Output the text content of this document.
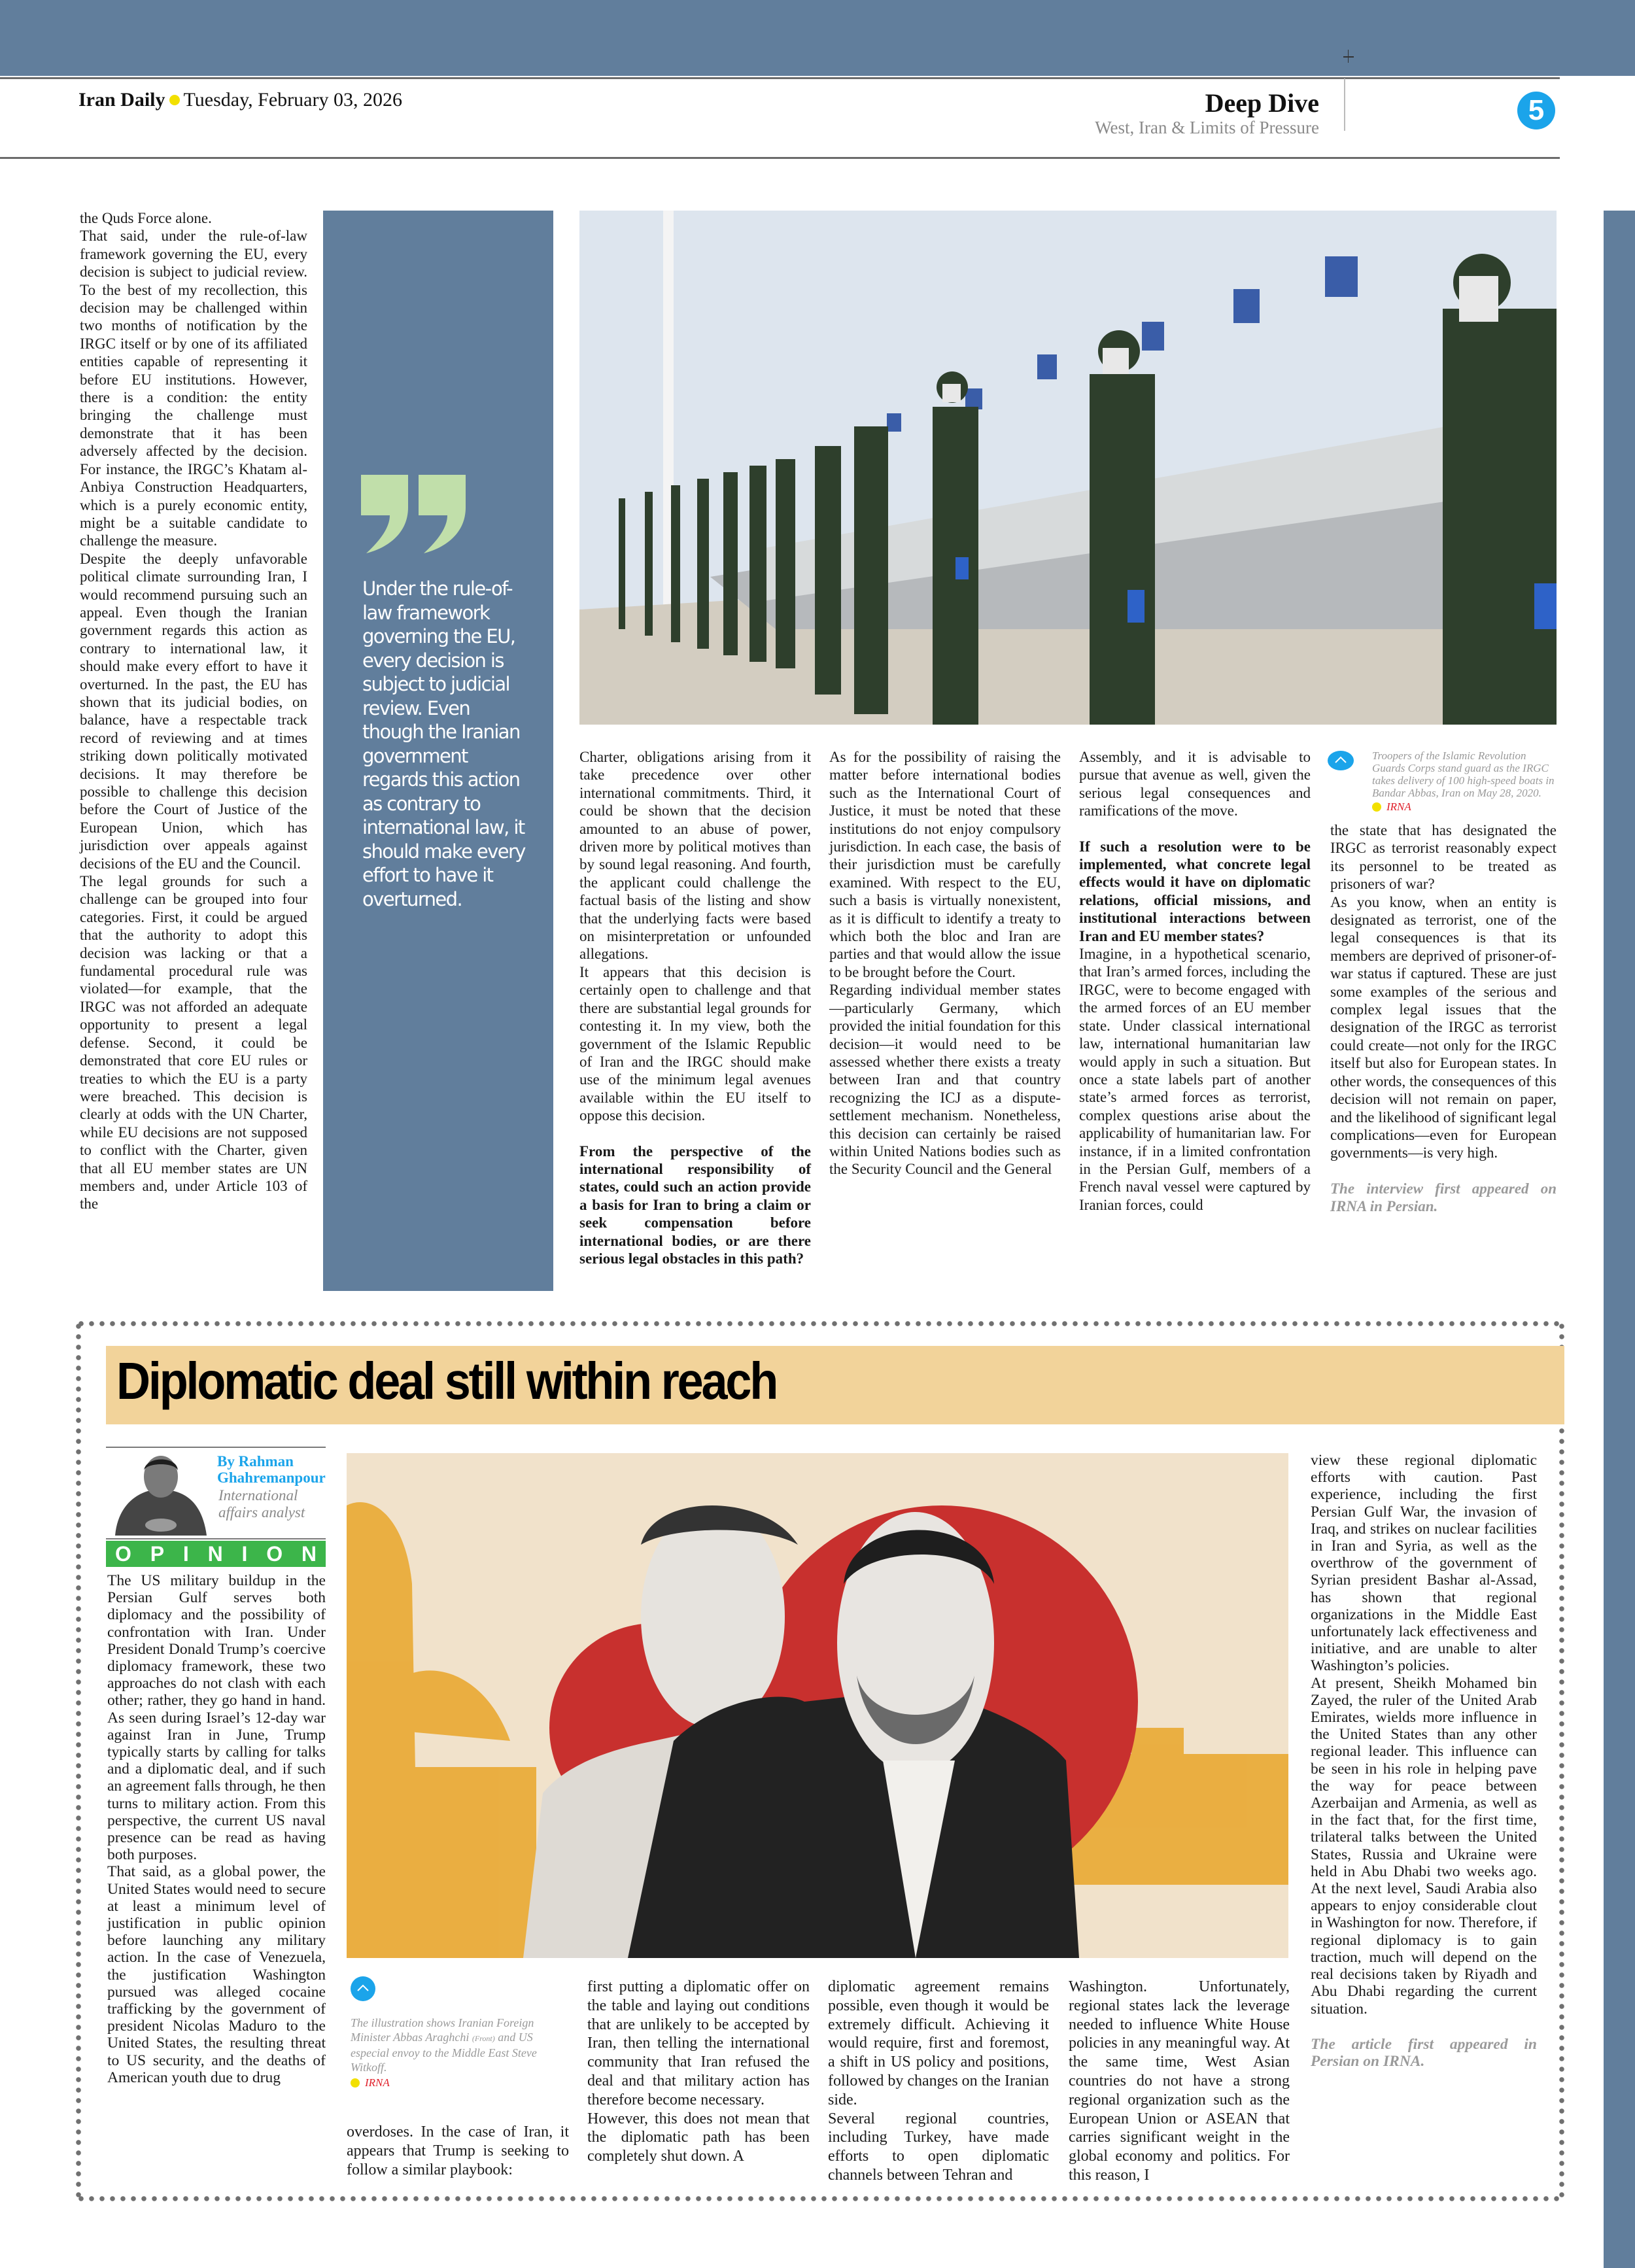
Iran Daily Tuesday, February 03, 2026	Deep Dive
West, Iran & Limits of Pressure
5

the Quds Force alone.

That said, under the rule-of-law framework governing the EU, every decision is subject to judicial review. To the best of my recollection, this decision may be challenged within two months of notification by the IRGC itself or by one of its affiliated entities capable of representing it before EU institutions. However, there is a condition: the entity bringing the challenge must demonstrate that it has been adversely affected by the decision. For instance, the IRGC’s Khatam al-Anbiya Construction Headquarters, which is a purely economic entity, might be a suitable candidate to challenge the measure.

Despite the deeply unfavorable political climate surrounding Iran, I would recommend pursuing such an appeal. Even though the Iranian government regards this action as contrary to international law, it should make every effort to have it overturned. In the past, the EU has shown that its judicial bodies, on balance, have a respectable track record of reviewing and at times striking down politically motivated decisions. It may therefore be possible to challenge this decision before the Court of Justice of the European Union, which has jurisdiction over appeals against decisions of the EU and the Council.

The legal grounds for such a challenge can be grouped into four categories. First, it could be argued that the authority to adopt this decision was lacking or that a fundamental procedural rule was violated—for example, that the IRGC was not afforded an adequate opportunity to present a legal defense. Second, it could be demonstrated that core EU rules or treaties to which the EU is a party were breached. This decision is clearly at odds with the UN Charter, while EU decisions are not supposed to conflict with the Charter, given that all EU member states are UN members and, under Article 103 of the

Under the rule-of-law framework governing the EU, every decision is subject to judicial review. Even though the Iranian government regards this action as contrary to international law, it should make every effort to have it overturned.

Charter, obligations arising from it take precedence over other international commitments. Third, it could be shown that the decision amounted to an abuse of power, driven more by political motives than by sound legal reasoning. And fourth, the applicant could challenge the factual basis of the listing and show that the underlying facts were based on misinterpretation or unfounded allegations.

It appears that this decision is certainly open to challenge and that there are substantial legal grounds for contesting it. In my view, both the government of the Islamic Republic of Iran and the IRGC should make use of the minimum legal avenues available within the EU itself to oppose this decision.

From the perspective of the international responsibility of states, could such an action provide a basis for Iran to bring a claim or seek compensation before international bodies, or are there serious legal obstacles in this path?

As for the possibility of raising the matter before international bodies such as the International Court of Justice, it must be noted that these institutions do not enjoy compulsory jurisdiction. In each case, the basis of their jurisdiction must be carefully examined. With respect to the EU, such a basis is virtually nonexistent, as it is difficult to identify a treaty to which both the bloc and Iran are parties and that would allow the issue to be brought before the Court.

Regarding individual member states—particularly Germany, which provided the initial foundation for this decision—it would need to be assessed whether there exists a treaty between Iran and that country recognizing the ICJ as a dispute-settlement mechanism. Nonetheless, this decision can certainly be raised within United Nations bodies such as the Security Council and the General

Assembly, and it is advisable to pursue that avenue as well, given the serious legal consequences and ramifications of the move.

If such a resolution were to be implemented, what concrete legal effects would it have on diplomatic relations, official missions, and institutional interactions between Iran and EU member states?

Imagine, in a hypothetical scenario, that Iran’s armed forces, including the IRGC, were to become engaged with the armed forces of an EU member state. Under classical international law, international humanitarian law would apply in such a situation. But once a state labels part of another state’s armed forces as terrorist, complex questions arise about the applicability of humanitarian law. For instance, if in a limited confrontation in the Persian Gulf, members of a French naval vessel were captured by Iranian forces, could

Troopers of the Islamic Revolution Guards Corps stand guard as the IRGC takes delivery of 100 high-speed boats in Bandar Abbas, Iran on May 28, 2020.
IRNA

the state that has designated the IRGC as terrorist reasonably expect its personnel to be treated as prisoners of war?

As you know, when an entity is designated as terrorist, one of the legal consequences is that its members are deprived of prisoner-of-war status if captured. These are just some examples of the serious and complex legal issues that the designation of the IRGC as terrorist could create—not only for the IRGC itself but also for European states. In other words, the consequences of this decision will not remain on paper, and the likelihood of significant legal complications—even for European governments—is very high.

The interview first appeared on IRNA in Persian.

Diplomatic deal still within reach
By Rahman Ghahremanpour
International affairs analyst
O P I N I O N

The US military buildup in the Persian Gulf serves both diplomacy and the possibility of confrontation with Iran. Under President Donald Trump’s coercive diplomacy framework, these two approaches do not clash with each other; rather, they go hand in hand. As seen during Israel’s 12-day war against Iran in June, Trump typically starts by calling for talks and a diplomatic deal, and if such an agreement falls through, he then turns to military action. From this perspective, the current US naval presence can be read as having both purposes.

That said, as a global power, the United States would need to secure at least a minimum level of justification in public opinion before launching any military action. In the case of Venezuela, the justification Washington pursued was alleged cocaine trafficking by the government of president Nicolas Maduro to the United States, the resulting threat to US security, and the deaths of American youth due to drug

The illustration shows Iranian Foreign Minister Abbas Araghchi (Front) and US especial envoy to the Middle East Steve Witkoff.
IRNA

overdoses. In the case of Iran, it appears that Trump is seeking to follow a similar playbook:

first putting a diplomatic offer on the table and laying out conditions that are unlikely to be accepted by Iran, then telling the international community that Iran refused the deal and that military action has therefore become necessary.

However, this does not mean that the diplomatic path has been completely shut down. A

diplomatic agreement remains possible, even though it would be extremely difficult. Achieving it would require, first and foremost, a shift in US policy and positions, followed by changes on the Iranian side.

Several regional countries, including Turkey, have made efforts to open diplomatic channels between Tehran and

Washington. Unfortunately, regional states lack the leverage needed to influence White House policies in any meaningful way. At the same time, West Asian countries do not have a strong regional organization such as the European Union or ASEAN that carries significant weight in the global economy and politics. For this reason, I

view these regional diplomatic efforts with caution. Past experience, including the first Persian Gulf War, the invasion of Iraq, and strikes on nuclear facilities in Iran and Syria, as well as the overthrow of the government of Syrian president Bashar al-Assad, has shown that regional organizations in the Middle East unfortunately lack effectiveness and initiative, and are unable to alter Washington’s policies.

At present, Sheikh Mohamed bin Zayed, the ruler of the United Arab Emirates, wields more influence in the United States than any other regional leader. This influence can be seen in his role in helping pave the way for peace between Azerbaijan and Armenia, as well as in the fact that, for the first time, trilateral talks between the United States, Russia and Ukraine were held in Abu Dhabi two weeks ago. At the next level, Saudi Arabia also appears to enjoy considerable clout in Washington for now. Therefore, if regional diplomacy is to gain traction, much will depend on the real decisions taken by Riyadh and Abu Dhabi regarding the current situation.

The article first appeared in Persian on IRNA.
